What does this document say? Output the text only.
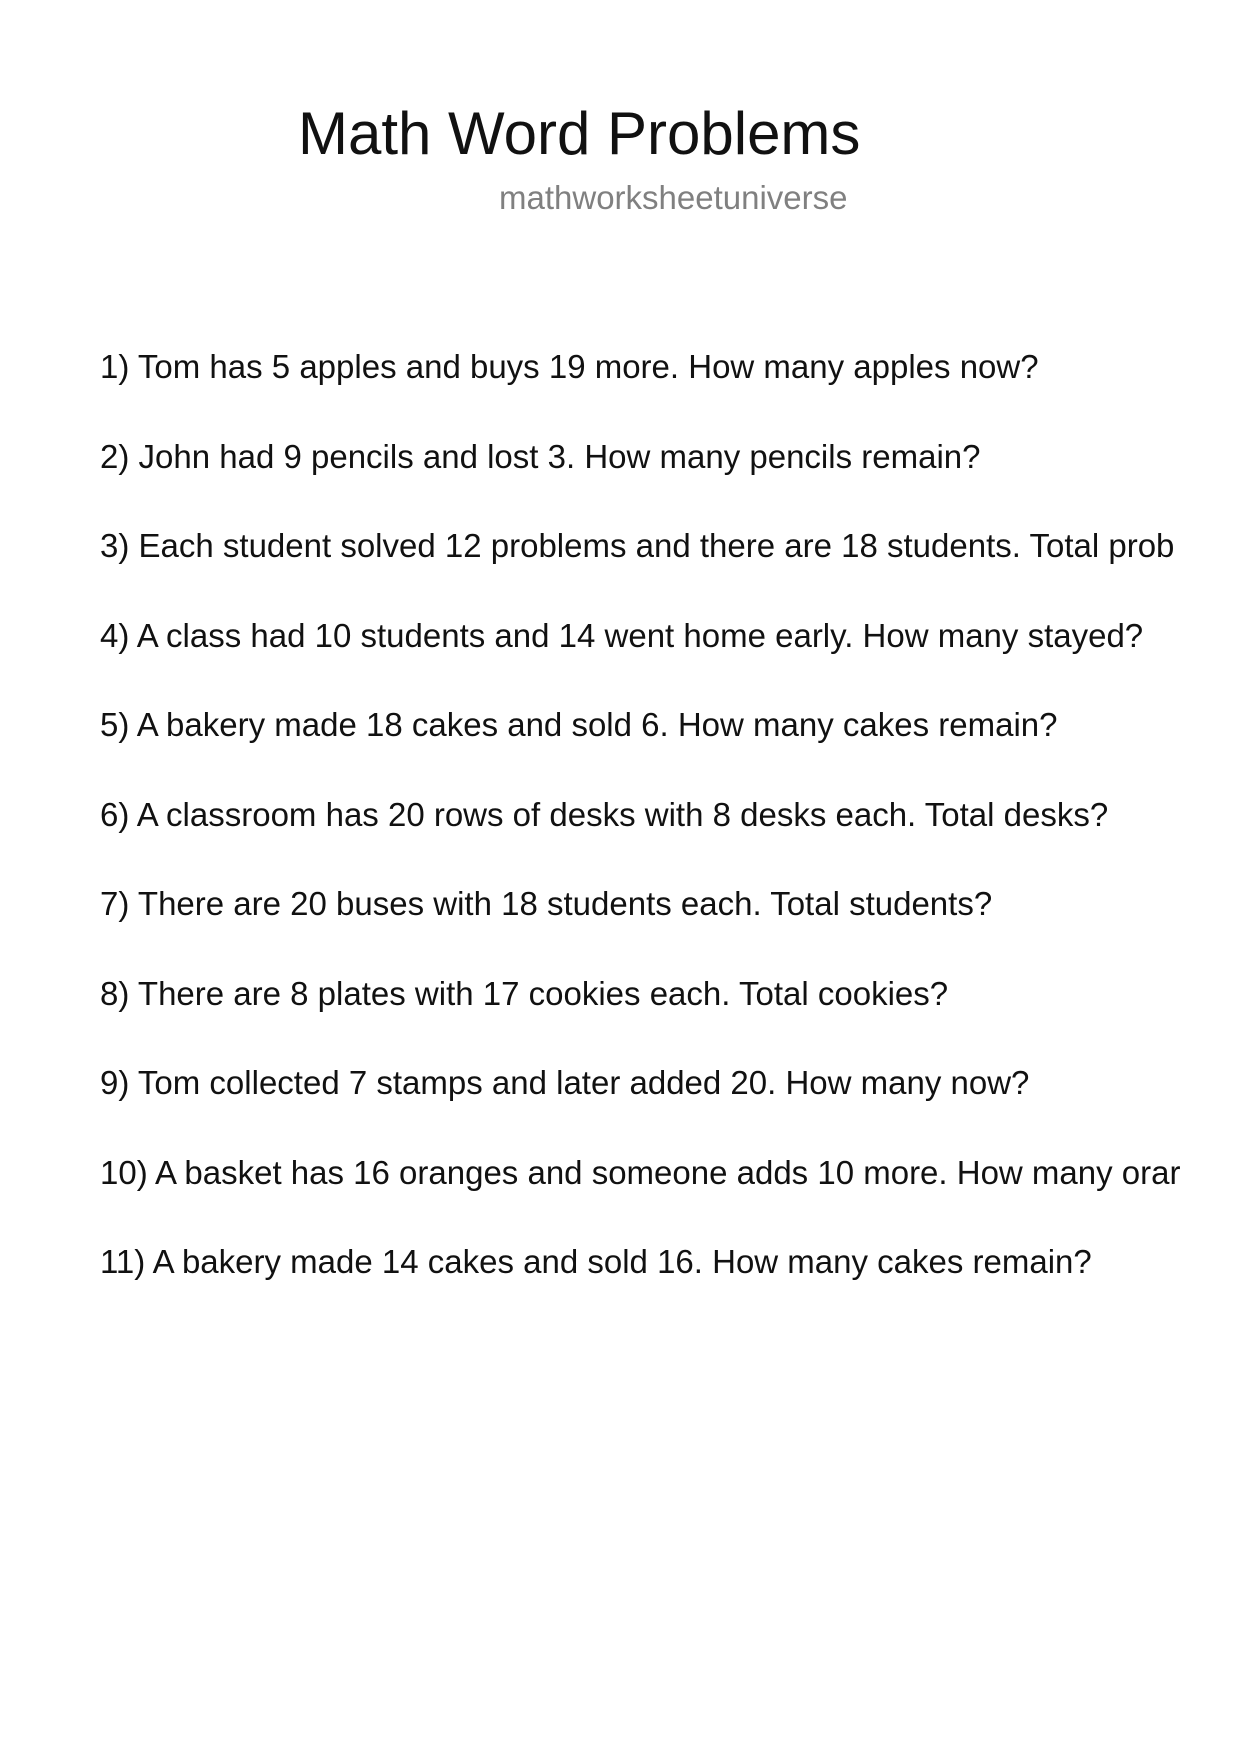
Math Word Problems
mathworksheetuniverse
1) Tom has 5 apples and buys 19 more. How many apples now?
2) John had 9 pencils and lost 3. How many pencils remain?
3) Each student solved 12 problems and there are 18 students. Total prob
4) A class had 10 students and 14 went home early. How many stayed?
5) A bakery made 18 cakes and sold 6. How many cakes remain?
6) A classroom has 20 rows of desks with 8 desks each. Total desks?
7) There are 20 buses with 18 students each. Total students?
8) There are 8 plates with 17 cookies each. Total cookies?
9) Tom collected 7 stamps and later added 20. How many now?
10) A basket has 16 oranges and someone adds 10 more. How many orar
11) A bakery made 14 cakes and sold 16. How many cakes remain?
